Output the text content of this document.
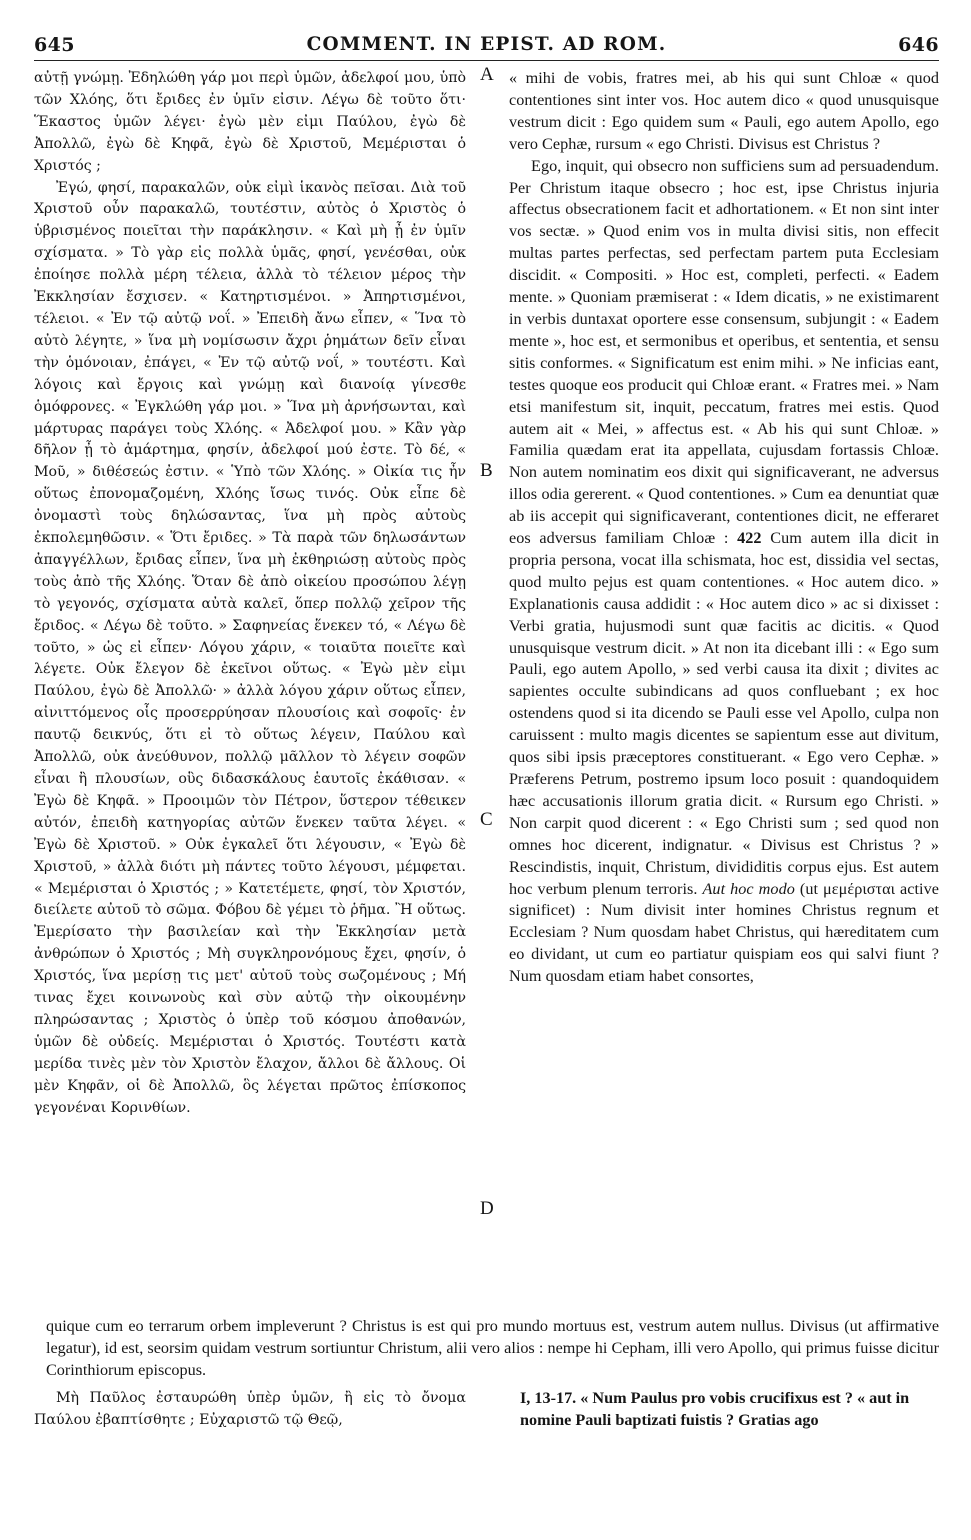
645	COMMENT. IN EPIST. AD ROM.	646

αὐτῇ γνώμῃ. Ἐδηλώθη γάρ μοι περὶ ὑμῶν, ἀδελφοί μου, ὑπὸ τῶν Χλόης, ὅτι ἔριδες ἐν ὑμῖν εἰσιν. Λέγω δὲ τοῦτο ὅτι· Ἕκαστος ὑμῶν λέγει· ἐγὼ μὲν εἰμι Παύλου, ἐγὼ δὲ Ἀπολλῶ, ἐγὼ δὲ Κηφᾶ, ἐγὼ δὲ Χριστοῦ, Μεμέρισται ὁ Χριστός ;

Ἐγώ, φησί, παρακαλῶν, οὐκ εἰμὶ ἱκανὸς πεῖσαι. Διὰ τοῦ Χριστοῦ οὖν παρακαλῶ, τουτέστιν, αὐτὸς ὁ Χριστὸς ὁ ὑβρισμένος ποιεῖται τὴν παράκλησιν. « Καὶ μὴ ᾖ ἐν ὑμῖν σχίσματα. » Τὸ γὰρ εἰς πολλὰ ὑμᾶς, φησί, γενέσθαι, οὐκ ἐποίησε πολλὰ μέρη τέλεια, ἀλλὰ τὸ τέλειον μέρος τὴν Ἐκκλησίαν ἔσχισεν. « Κατηρτισμένοι. » Ἀπηρτισμένοι, τέλειοι. « Ἐν τῷ αὐτῷ νοΐ. » Ἐπειδὴ ἄνω εἶπεν, « Ἵνα τὸ αὐτὸ λέγητε, » ἵνα μὴ νομίσωσιν ἄχρι ῥημάτων δεῖν εἶναι τὴν ὁμόνοιαν, ἐπάγει, « Ἐν τῷ αὐτῷ νοΐ, » τουτέστι. Καὶ λόγοις καὶ ἔργοις καὶ γνώμῃ καὶ διανοίᾳ γίνεσθε ὁμόφρονες. « Ἐγκλώθη γάρ μοι. » Ἵνα μὴ ἀρνήσωνται, καὶ μάρτυρας παράγει τοὺς Χλόης. « Ἀδελφοί μου. » Κἂν γὰρ δῆλον ᾖ τὸ ἁμάρτημα, φησίν, ἀδελφοί μού ἐστε. Τὸ δέ, « Μοῦ, » διθέσεώς ἐστιν. « Ὑπὸ τῶν Χλόης. » Οἰκία τις ἦν οὕτως ἐπονομαζομένη, Χλόης ἴσως τινός. Οὐκ εἶπε δὲ ὀνομαστὶ τοὺς δηλώσαντας, ἵνα μὴ πρὸς αὐτοὺς ἐκπολεμηθῶσιν. « Ὅτι ἔριδες. » Τὰ παρὰ τῶν δηλωσάντων ἀπαγγέλλων, ἔριδας εἶπεν, ἵνα μὴ ἐκθηριώσῃ αὐτοὺς πρὸς τοὺς ἀπὸ τῆς Χλόης. Ὅταν δὲ ἀπὸ οἰκείου προσώπου λέγῃ τὸ γεγονός, σχίσματα αὐτὰ καλεῖ, ὅπερ πολλῷ χεῖρον τῆς ἔριδος. « Λέγω δὲ τοῦτο. » Σαφηνείας ἕνεκεν τό, « Λέγω δὲ τοῦτο, » ὡς εἰ εἶπεν· Λόγου χάριν, « τοιαῦτα ποιεῖτε καὶ λέγετε. Οὐκ ἔλεγον δὲ ἐκεῖνοι οὕτως. « Ἐγὼ μὲν εἰμι Παύλου, ἐγὼ δὲ Ἀπολλῶ· » ἀλλὰ λόγου χάριν οὕτως εἶπεν, αἰνιττόμενος οἷς προσερρύησαν πλουσίοις καὶ σοφοῖς· ἐν παυτῷ δεικνύς, ὅτι εἰ τὸ οὕτως λέγειν, Παύλου καὶ Ἀπολλῶ, οὐκ ἀνεύθυνον, πολλῷ μᾶλλον τὸ λέγειν σοφῶν εἶναι ἢ πλουσίων, οὓς διδασκάλους ἑαυτοῖς ἐκάθισαν. « Ἐγὼ δὲ Κηφᾶ. » Προοιμῶν τὸν Πέτρον, ὕστερον τέθεικεν αὐτόν, ἐπειδὴ κατηγορίας αὐτῶν ἕνεκεν ταῦτα λέγει. « Ἐγὼ δὲ Χριστοῦ. » Οὐκ ἐγκαλεῖ ὅτι λέγουσιν, « Ἐγὼ δὲ Χριστοῦ, » ἀλλὰ διότι μὴ πάντες τοῦτο λέγουσι, μέμφεται. « Μεμέρισται ὁ Χριστός ; » Κατετέμετε, φησί, τὸν Χριστόν, διείλετε αὐτοῦ τὸ σῶμα. Φόβου δὲ γέμει τὸ ῥῆμα. Ἢ οὕτως. Ἐμερίσατο τὴν βασιλείαν καὶ τὴν Ἐκκλησίαν μετὰ ἀνθρώπων ὁ Χριστός ; Μὴ συγκληρονόμους ἔχει, φησίν, ὁ Χριστός, ἵνα μερίσῃ τις μετ' αὐτοῦ τοὺς σωζομένους ; Μή τινας ἔχει κοινωνοὺς καὶ σὺν αὐτῷ τὴν οἰκουμένην πληρώσαντας ; Χριστὸς ὁ ὑπὲρ τοῦ κόσμου ἀποθανών, ὑμῶν δὲ οὐδείς. Μεμέρισται ὁ Χριστός. Τουτέστι κατὰ μερίδα τινὲς μὲν τὸν Χριστὸν ἔλαχον, ἄλλοι δὲ ἄλλους. Οἱ μὲν Κηφᾶν, οἱ δὲ Ἀπολλῶ, ὃς λέγεται πρῶτος ἐπίσκοπος γεγονέναι Κορινθίων.

A
B
C
D

« mihi de vobis, fratres mei, ab his qui sunt Chloæ « quod contentiones sint inter vos. Hoc autem dico « quod unusquisque vestrum dicit : Ego quidem sum « Pauli, ego autem Apollo, ego vero Cephæ, rursum « ego Christi. Divisus est Christus ?

Ego, inquit, qui obsecro non sufficiens sum ad persuadendum. Per Christum itaque obsecro ; hoc est, ipse Christus injuria affectus obsecrationem facit et adhortationem. « Et non sint inter vos sectæ. » Quod enim vos in multa divisi sitis, non effecit multas partes perfectas, sed perfectam partem puta Ecclesiam discidit. « Compositi. » Hoc est, completi, perfecti. « Eadem mente. » Quoniam præmiserat : « Idem dicatis, » ne existimarent in verbis duntaxat oportere esse consensum, subjungit : « Eadem mente », hoc est, et sermonibus et operibus, et sententia, et sensu sitis conformes. « Significatum est enim mihi. » Ne inficias eant, testes quoque eos producit qui Chloæ erant. « Fratres mei. » Nam etsi manifestum sit, inquit, peccatum, fratres mei estis. Quod autem ait « Mei, » affectus est. « Ab his qui sunt Chloæ. » Familia quædam erat ita appellata, cujusdam fortassis Chloæ. Non autem nominatim eos dixit qui significaverant, ne adversus illos odia gererent. « Quod contentiones. » Cum ea denuntiat quæ ab iis accepit qui significaverant, contentiones dicit, ne efferaret eos adversus familiam Chloæ : 422 Cum autem illa dicit in propria persona, vocat illa schismata, hoc est, dissidia vel sectas, quod multo pejus est quam contentiones. « Hoc autem dico. » Explanationis causa addidit : « Hoc autem dico » ac si dixisset : Verbi gratia, hujusmodi sunt quæ facitis ac dicitis. « Quod unusquisque vestrum dicit. » At non ita dicebant illi : « Ego sum Pauli, ego autem Apollo, » sed verbi causa ita dixit ; divites ac sapientes occulte subindicans ad quos confluebant ; ex hoc ostendens quod si ita dicendo se Pauli esse vel Apollo, culpa non caruissent : multo magis dicentes se sapientum esse aut divitum, quos sibi ipsis præceptores constituerant. « Ego vero Cephæ. » Præferens Petrum, postremo ipsum loco posuit : quandoquidem hæc accusationis illorum gratia dicit. « Rursum ego Christi. » Non carpit quod dicerent : « Ego Christi sum ; sed quod non omnes hoc dicerent, indignatur. « Divisus est Christus ? » Rescindistis, inquit, Christum, divididitis corpus ejus. Est autem hoc verbum plenum terroris. Aut hoc modo (ut μεμέρισται active significet) : Num divisit inter homines Christus regnum et Ecclesiam ? Num quosdam habet Christus, qui hæreditatem cum eo dividant, ut cum eo partiatur quispiam eos qui salvi fiunt ? Num quosdam etiam habet consortes,

quique cum eo terrarum orbem impleverunt ? Christus is est qui pro mundo mortuus est, vestrum autem nullus. Divisus (ut affirmative legatur), id est, seorsim quidam vestrum sortiuntur Christum, alii vero alios : nempe hi Cepham, illi vero Apollo, qui primus fuisse dicitur Corinthiorum episcopus.

Μὴ Παῦλος ἐσταυρώθη ὑπὲρ ὑμῶν, ἢ εἰς τὸ ὄνομα Παύλου ἐβαπτίσθητε ; Εὐχαριστῶ τῷ Θεῷ,

I, 13-17. « Num Paulus pro vobis crucifixus est ? « aut in nomine Pauli baptizati fuistis ? Gratias ago
